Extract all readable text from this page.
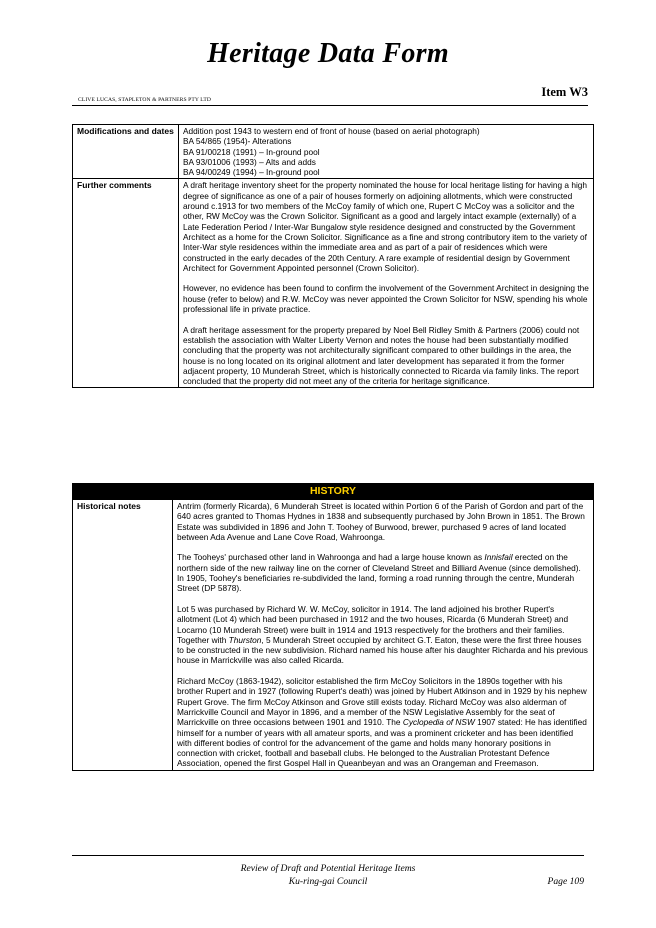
Heritage Data Form
Item W3
CLIVE LUCAS, STAPLETON & PARTNERS PTY LTD
Modifications and dates	Addition post 1943 to western end of front of house (based on aerial photograph)
BA 54/865 (1954)- Alterations
BA 91/00218 (1991) – In-ground pool
BA 93/01006 (1993) – Alts and adds
BA 94/00249 (1994) – In-ground pool

Further comments	A draft heritage inventory sheet for the property nominated the house for local heritage listing for having a high degree of significance as one of a pair of houses formerly on adjoining allotments, which were constructed around c.1913 for two members of the McCoy family of which one, Rupert C McCoy was a solicitor and the other, RW McCoy was the Crown Solicitor. Significant as a good and largely intact example (externally) of a Late Federation Period / Inter-War Bungalow style residence designed and constructed by the Government Architect as a home for the Crown Solicitor. Significance as a fine and strong contributory item to the variety of Inter-War style residences within the immediate area and as part of a pair of residences which were constructed in the early decades of the 20th Century. A rare example of residential design by Government Architect for Government Appointed personnel (Crown Solicitor).

However, no evidence has been found to confirm the involvement of the Government Architect in designing the house (refer to below) and R.W. McCoy was never appointed the Crown Solicitor for NSW, spending his whole professional life in private practice.

A draft heritage assessment for the property prepared by Noel Bell Ridley Smith & Partners (2006) could not establish the association with Walter Liberty Vernon and notes the house had been substantially modified concluding that the property was not architecturally significant compared to other buildings in the area, the house is no long located on its original allotment and later development has separated it from the former adjacent property, 10 Munderah Street, which is historically connected to Ricarda via family links. The report concluded that the property did not meet any of the criteria for heritage significance.

HISTORY
Historical notes	Antrim (formerly Ricarda), 6 Munderah Street is located within Portion 6 of the Parish of Gordon and part of the 640 acres granted to Thomas Hydnes in 1838 and subsequently purchased by John Brown in 1851. The Brown Estate was subdivided in 1896 and John T. Toohey of Burwood, brewer, purchased 9 acres of land located between Ada Avenue and Lane Cove Road, Wahroonga.

The Tooheys' purchased other land in Wahroonga and had a large house known as Innisfail erected on the northern side of the new railway line on the corner of Cleveland Street and Billiard Avenue (since demolished). In 1905, Toohey's beneficiaries re-subdivided the land, forming a road running through the centre, Munderah Street (DP 5878).

Lot 5 was purchased by Richard W. W. McCoy, solicitor in 1914. The land adjoined his brother Rupert's allotment (Lot 4) which had been purchased in 1912 and the two houses, Ricarda (6 Munderah Street) and Locarno (10 Munderah Street) were built in 1914 and 1913 respectively for the brothers and their families. Together with Thurston, 5 Munderah Street occupied by architect G.T. Eaton, these were the first three houses to be constructed in the new subdivision. Richard named his house after his daughter Richarda and his previous house in Marrickville was also called Ricarda.

Richard McCoy (1863-1942), solicitor established the firm McCoy Solicitors in the 1890s together with his brother Rupert and in 1927 (following Rupert's death) was joined by Hubert Atkinson and in 1929 by his nephew Rupert Grove. The firm McCoy Atkinson and Grove still exists today. Richard McCoy was also alderman of Marrickville Council and Mayor in 1896, and a member of the NSW Legislative Assembly for the seat of Marrickville on three occasions between 1901 and 1910. The Cyclopedia of NSW 1907 stated: He has identified himself for a number of years with all amateur sports, and was a prominent cricketer and has been identified with different bodies of control for the advancement of the game and holds many honorary positions in connection with cricket, football and baseball clubs. He belonged to the Australian Protestant Defence Association, opened the first Gospel Hall in Queanbeyan and was an Orangeman and Freemason.

Review of Draft and Potential Heritage Items
Ku-ring-gai Council	Page 109
